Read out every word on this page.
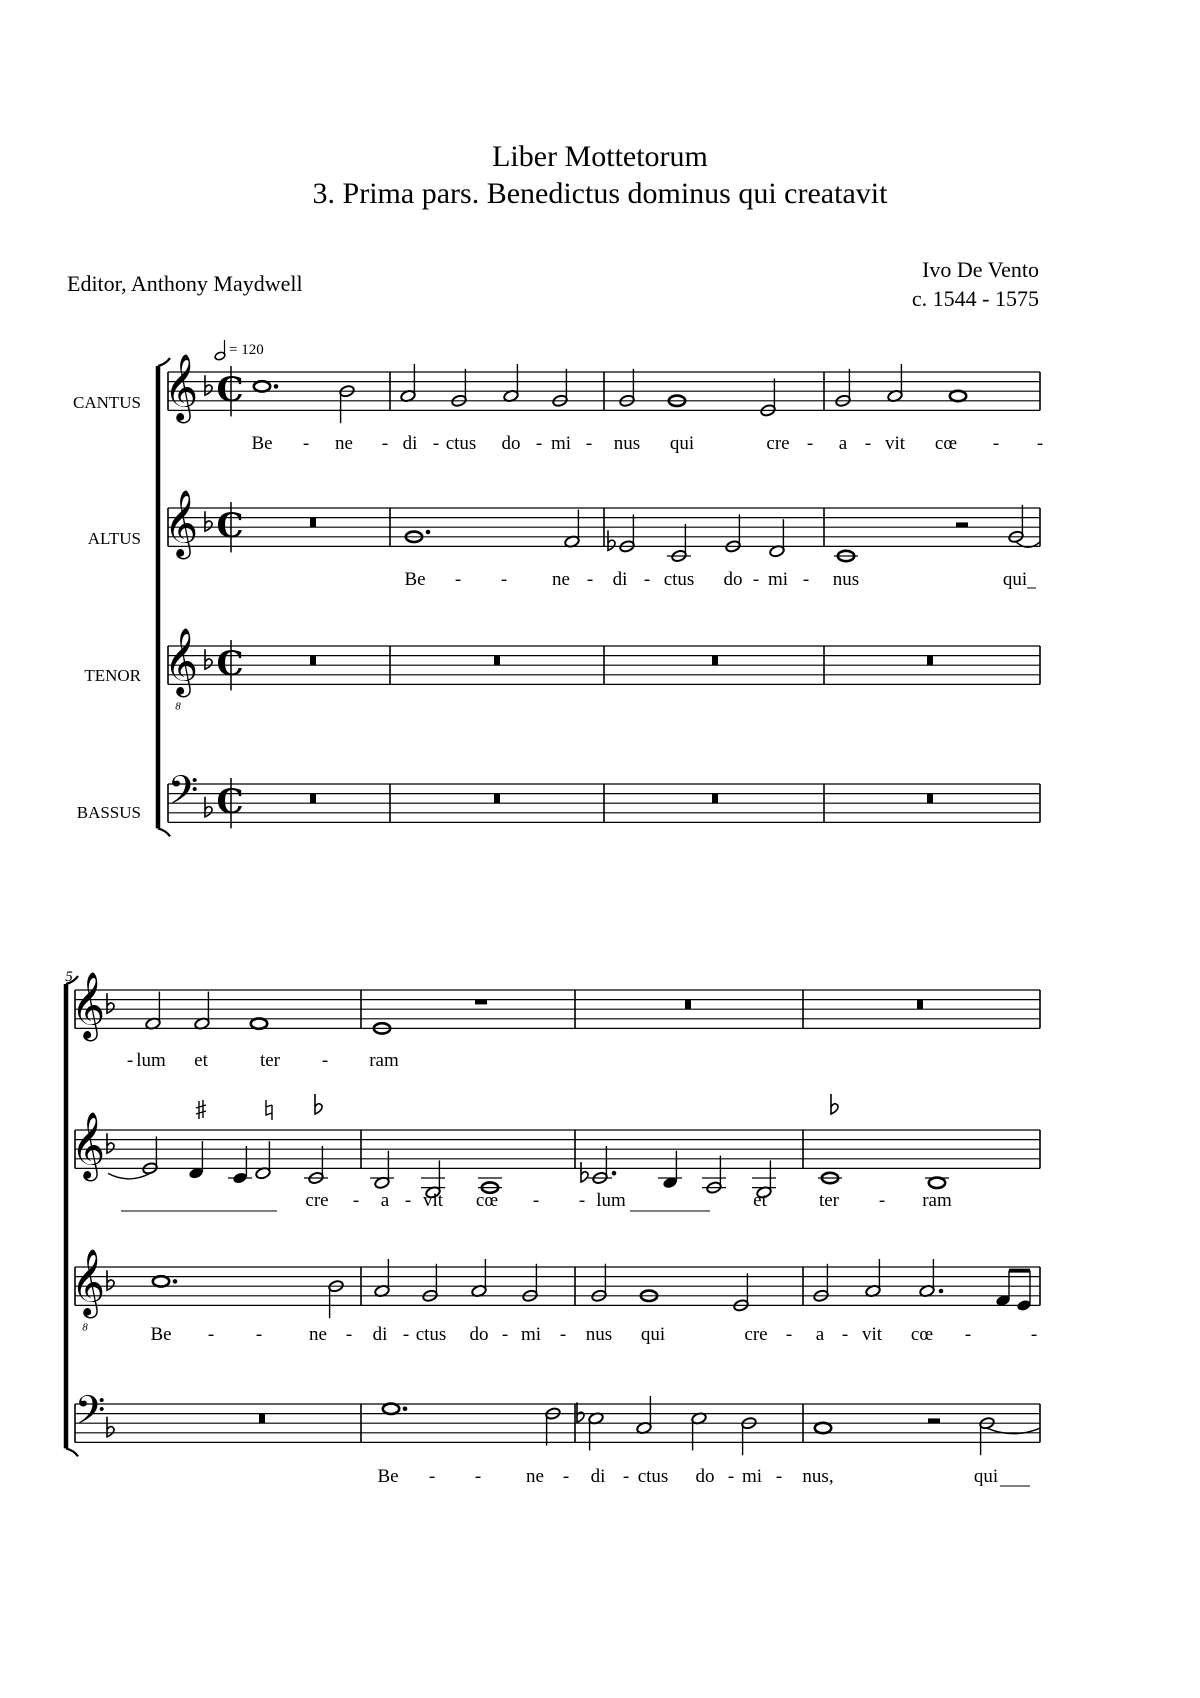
Liber Mottetorum
3. Prima pars. Benedictus dominus qui creatavit
Editor, Anthony Maydwell
Ivo De Vento
c. 1544 - 1575
= 120
CANTUS
ALTUS
TENOR
BASSUS
𝄞 C
𝄞 C
𝄞
8
C
𝄢 C
Be - ne - di - ctus do - mi - nus qui	cre - a - vit cœ - -
Be - - ne - di - ctus do - mi - nus	qui
5
𝄞
𝄞
𝄞
8
𝄢
- lum et	ter - ram
cre - a - vit cœ - - lum	et	ter - ram
Be - - ne - di - ctus do - mi - nus qui	cre - a - vit cœ -	-
Be - - ne - di - ctus do - mi - nus,	qui
